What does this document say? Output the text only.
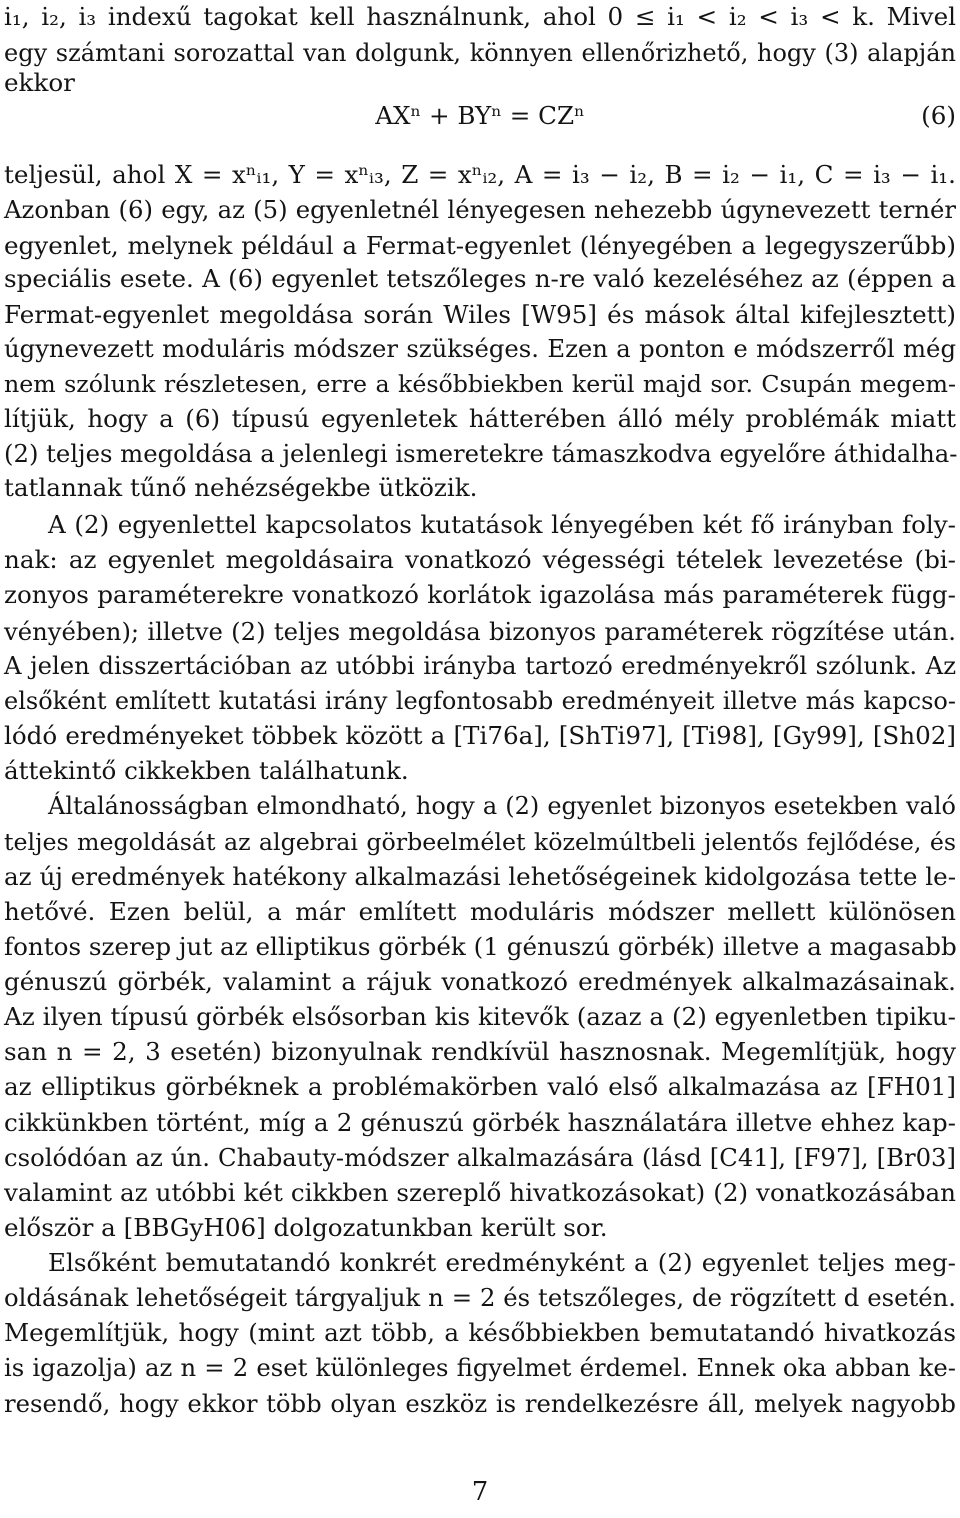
i₁, i₂, i₃ indexű tagokat kell használnunk, ahol 0 ≤ i₁ < i₂ < i₃ < k. Mivel
egy számtani sorozattal van dolgunk, könnyen ellenőrizhető, hogy (3) alapján
ekkor
AXⁿ + BYⁿ = CZⁿ	(6)
teljesül, ahol X = xⁿᵢ₁, Y = xⁿᵢ₃, Z = xⁿᵢ₂, A = i₃ − i₂, B = i₂ − i₁, C = i₃ − i₁.
Azonban (6) egy, az (5) egyenletnél lényegesen nehezebb úgynevezett ternér
egyenlet, melynek például a Fermat-egyenlet (lényegében a legegyszerűbb)
speciális esete. A (6) egyenlet tetszőleges n-re való kezeléséhez az (éppen a
Fermat-egyenlet megoldása során Wiles [W95] és mások által kifejlesztett)
úgynevezett moduláris módszer szükséges. Ezen a ponton e módszerről még
nem szólunk részletesen, erre a későbbiekben kerül majd sor. Csupán megem-
lítjük, hogy a (6) típusú egyenletek hátterében álló mély problémák miatt
(2) teljes megoldása a jelenlegi ismeretekre támaszkodva egyelőre áthidalha-
tatlannak tűnő nehézségekbe ütközik.
A (2) egyenlettel kapcsolatos kutatások lényegében két fő irányban foly-
nak: az egyenlet megoldásaira vonatkozó végességi tételek levezetése (bi-
zonyos paraméterekre vonatkozó korlátok igazolása más paraméterek függ-
vényében); illetve (2) teljes megoldása bizonyos paraméterek rögzítése után.
A jelen disszertációban az utóbbi irányba tartozó eredményekről szólunk. Az
elsőként említett kutatási irány legfontosabb eredményeit illetve más kapcso-
lódó eredményeket többek között a [Ti76a], [ShTi97], [Ti98], [Gy99], [Sh02]
áttekintő cikkekben találhatunk.
Általánosságban elmondható, hogy a (2) egyenlet bizonyos esetekben való
teljes megoldását az algebrai görbeelmélet közelmúltbeli jelentős fejlődése, és
az új eredmények hatékony alkalmazási lehetőségeinek kidolgozása tette le-
hetővé. Ezen belül, a már említett moduláris módszer mellett különösen
fontos szerep jut az elliptikus görbék (1 génuszú görbék) illetve a magasabb
génuszú görbék, valamint a rájuk vonatkozó eredmények alkalmazásainak.
Az ilyen típusú görbék elsősorban kis kitevők (azaz a (2) egyenletben tipiku-
san n = 2, 3 esetén) bizonyulnak rendkívül hasznosnak. Megemlítjük, hogy
az elliptikus görbéknek a problémakörben való első alkalmazása az [FH01]
cikkünkben történt, míg a 2 génuszú görbék használatára illetve ehhez kap-
csolódóan az ún. Chabauty-módszer alkalmazására (lásd [C41], [F97], [Br03]
valamint az utóbbi két cikkben szereplő hivatkozásokat) (2) vonatkozásában
először a [BBGyH06] dolgozatunkban került sor.
Elsőként bemutatandó konkrét eredményként a (2) egyenlet teljes meg-
oldásának lehetőségeit tárgyaljuk n = 2 és tetszőleges, de rögzített d esetén.
Megemlítjük, hogy (mint azt több, a későbbiekben bemutatandó hivatkozás
is igazolja) az n = 2 eset különleges figyelmet érdemel. Ennek oka abban ke-
resendő, hogy ekkor több olyan eszköz is rendelkezésre áll, melyek nagyobb
7
